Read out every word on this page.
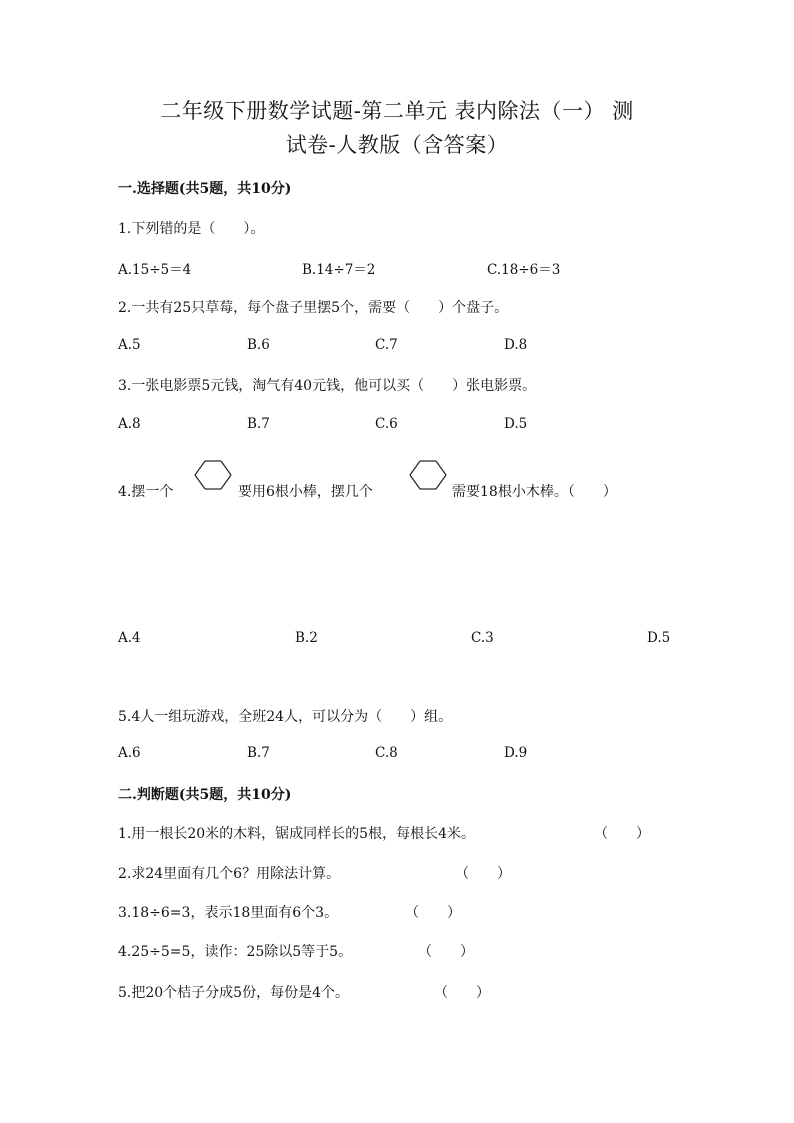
二年级下册数学试题-第二单元 表内除法（一） 测
试卷-人教版（含答案）
一.选择题(共5题，共10分)
1.下列错的是（　　）。
A.15÷5＝4	B.14÷7＝2	C.18÷6＝3
2.一共有25只草莓，每个盘子里摆5个，需要（　　）个盘子。
A.5	B.6	C.7	D.8
3.一张电影票5元钱，淘气有40元钱，他可以买（　　）张电影票。
A.8	B.7	C.6	D.5
4.摆一个	要用6根小棒，摆几个	需要18根小木棒。（　　）
A.4	B.2	C.3	D.5
5.4人一组玩游戏，全班24人，可以分为（　　）组。
A.6	B.7	C.8	D.9
二.判断题(共5题，共10分)
1.用一根长20米的木料，锯成同样长的5根，每根长4米。	（　　）
2.求24里面有几个6？用除法计算。	（　　）
3.18÷6=3，表示18里面有6个3。	（　　）
4.25÷5=5，读作：25除以5等于5。	（　　）
5.把20个桔子分成5份，每份是4个。	（　　）
